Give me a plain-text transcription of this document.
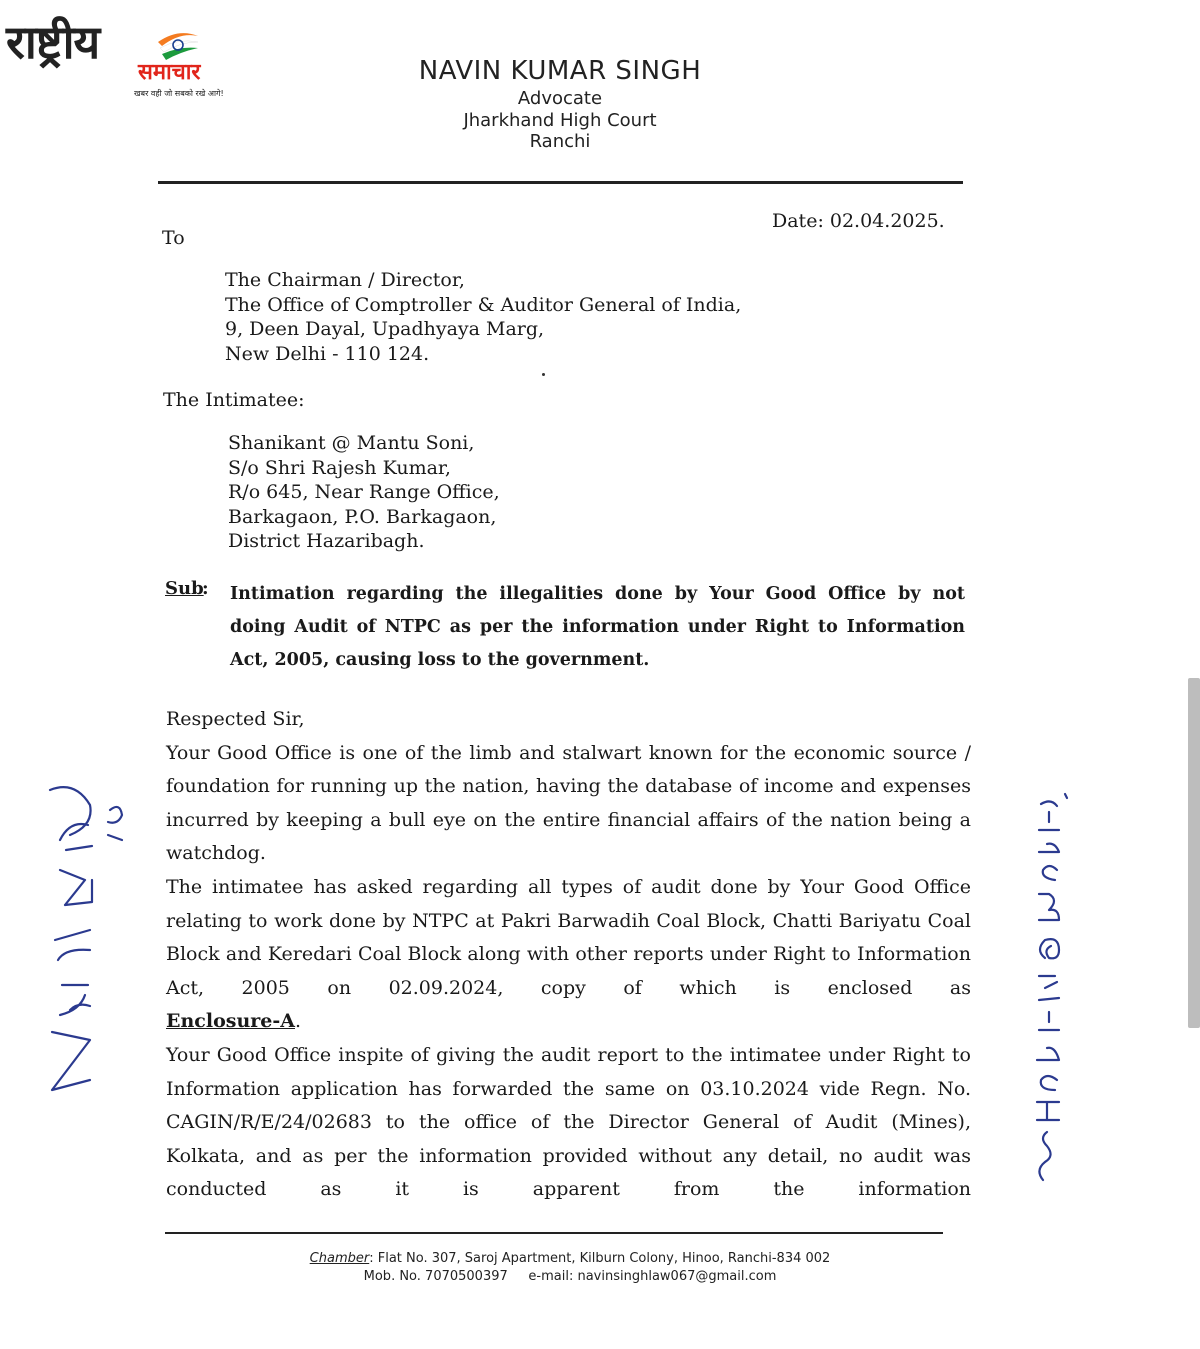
राष्ट्रीय
समाचार
खबर वही जो सबको रखे आगे!
NAVIN KUMAR SINGH
Advocate
Jharkhand High Court
Ranchi
Date: 02.04.2025.
To
The Chairman / Director,
The Office of Comptroller & Auditor General of India,
9, Deen Dayal, Upadhyaya Marg,
New Delhi - 110 124.
The Intimatee:
Shanikant @ Mantu Soni,
S/o Shri Rajesh Kumar,
R/o 645, Near Range Office,
Barkagaon, P.O. Barkagaon,
District Hazaribagh.
Sub
: Intimation regarding the illegalities done by Your Good Office by not doing Audit of NTPC as per the information under Right to Information Act, 2005, causing loss to the government.

Respected Sir,

Your Good Office is one of the limb and stalwart known for the economic source / foundation for running up the nation, having the database of income and expenses incurred by keeping a bull eye on the entire financial affairs of the nation being a watchdog.

The intimatee has asked regarding all types of audit done by Your Good Office relating to work done by NTPC at Pakri Barwadih Coal Block, Chatti Bariyatu Coal Block and Keredari Coal Block along with other reports under Right to Information Act, 2005 on 02.09.2024, copy of which is enclosed as

Enclosure-A.

Your Good Office inspite of giving the audit report to the intimatee under Right to Information application has forwarded the same on 03.10.2024 vide Regn. No. CAGIN/R/E/24/02683 to the office of the Director General of Audit (Mines), Kolkata, and as per the information provided without any detail, no audit was conducted as it is apparent from the information

Chamber: Flat No. 307, Saroj Apartment, Kilburn Colony, Hinoo, Ranchi-834 002
Mob. No. 7070500397     e-mail: navinsinghlaw067@gmail.com
